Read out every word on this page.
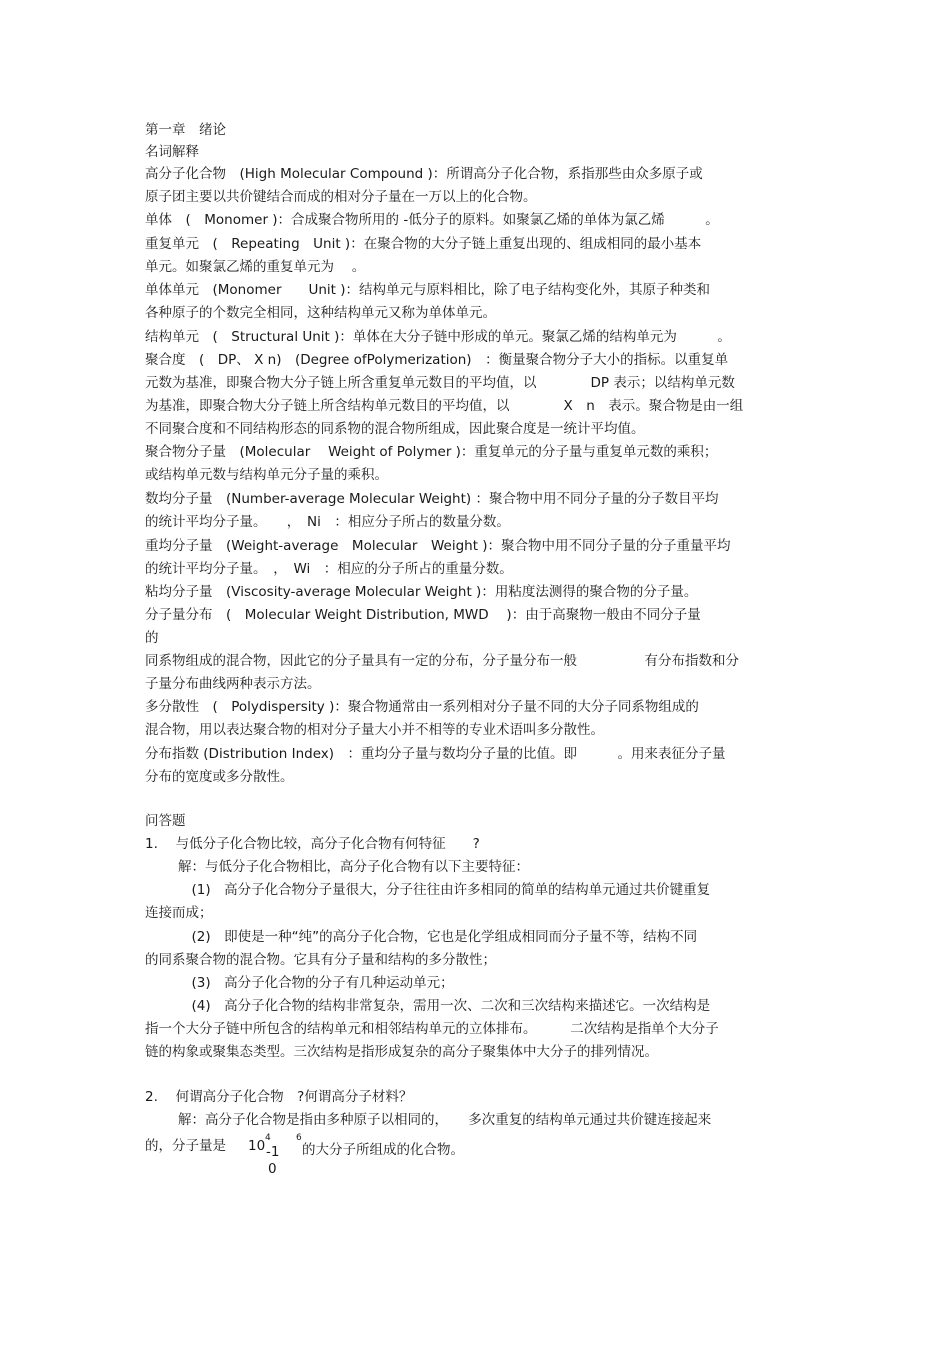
第一章　绪论
名词解释
高分子化合物　(High Molecular Compound )：所谓高分子化合物，系指那些由众多原子或
原子团主要以共价键结合而成的相对分子量在一万以上的化合物。
单体　(　Monomer )：合成聚合物所用的 -低分子的原料。如聚氯乙烯的单体为氯乙烯　　　。
重复单元　(　Repeating　Unit )：在聚合物的大分子链上重复出现的、组成相同的最小基本
单元。如聚氯乙烯的重复单元为　 。
单体单元　(Monomer　　Unit )：结构单元与原料相比，除了电子结构变化外，其原子种类和
各种原子的个数完全相同，这种结构单元又称为单体单元。
结构单元　(　Structural Unit )：单体在大分子链中形成的单元。聚氯乙烯的结构单元为　　　。
聚合度　(　DP、 X n)　(Degree ofPolymerization)　：衡量聚合物分子大小的指标。以重复单
元数为基准，即聚合物大分子链上所含重复单元数目的平均值，以　　　　DP 表示；以结构单元数
为基准，即聚合物大分子链上所含结构单元数目的平均值，以　　　　X　n　表示。聚合物是由一组
不同聚合度和不同结构形态的同系物的混合物所组成，因此聚合度是一统计平均值。
聚合物分子量　(Molecular　 Weight of Polymer )：重复单元的分子量与重复单元数的乘积；
或结构单元数与结构单元分子量的乘积。
数均分子量　(Number-average Molecular Weight) ：聚合物中用不同分子量的分子数目平均
的统计平均分子量。　　，　Ni　：相应分子所占的数量分数。
重均分子量　(Weight-average　Molecular　Weight )：聚合物中用不同分子量的分子重量平均
的统计平均分子量。　，　Wi　：相应的分子所占的重量分数。
粘均分子量　(Viscosity-average Molecular Weight )：用粘度法测得的聚合物的分子量。
分子量分布　(　Molecular Weight Distribution, MWD　 )：由于高聚物一般由不同分子量
的
同系物组成的混合物，因此它的分子量具有一定的分布，分子量分布一般　　　　　有分布指数和分
子量分布曲线两种表示方法。
多分散性　(　Polydispersity )：聚合物通常由一系列相对分子量不同的大分子同系物组成的
混合物，用以表达聚合物的相对分子量大小并不相等的专业术语叫多分散性。
分布指数 (Distribution Index)　：重均分子量与数均分子量的比值。即　　　。用来表征分子量
分布的宽度或多分散性。
问答题
1.　 与低分子化合物比较，高分子化合物有何特征　　?
解：与低分子化合物相比，高分子化合物有以下主要特征：
　(1)　高分子化合物分子量很大，分子往往由许多相同的简单的结构单元通过共价键重复
连接而成；
　(2)　即使是一种“纯”的高分子化合物，它也是化学组成相同而分子量不等，结构不同
的同系聚合物的混合物。它具有分子量和结构的多分散性；
　(3)　高分子化合物的分子有几种运动单元；
　(4)　高分子化合物的结构非常复杂，需用一次、二次和三次结构来描述它。一次结构是
指一个大分子链中所包含的结构单元和相邻结构单元的立体排布。　　　二次结构是指单个大分子
链的构象或聚集态类型。三次结构是指形成复杂的高分子聚集体中大分子的排列情况。
2.　 何谓高分子化合物　?何谓高分子材料？
解：高分子化合物是指由多种原子以相同的，　　多次重复的结构单元通过共价键连接起来
的，分子量是　 10 4
-1
6
的大分子所组成的化合物。
0
